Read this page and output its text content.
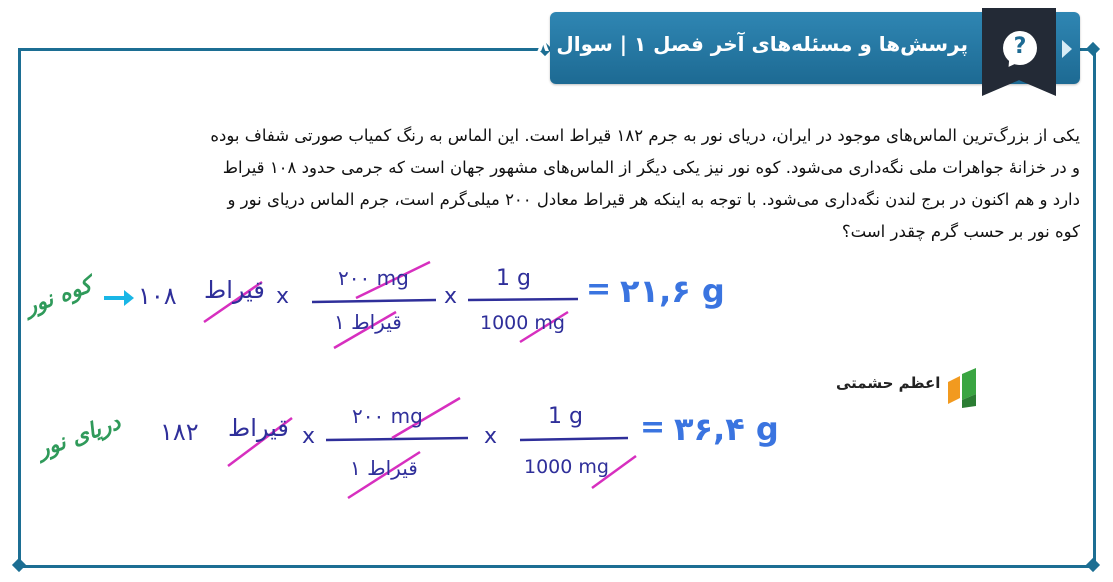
پرسش‌ها و مسئله‌های آخر فصل ۱ | سوال ۸	?
یکی از بزرگ‌ترین الماس‌های موجود در ایران، دریای نور به جرم ۱۸۲ قیراط است. این الماس به رنگ کمیاب صورتی شفاف بوده
و در خزانهٔ جواهرات ملی نگه‌داری می‌شود. کوه نور نیز یکی دیگر از الماس‌های مشهور جهان است که جرمی حدود ۱۰۸ قیراط
دارد و هم اکنون در برج لندن نگه‌داری می‌شود. با توجه به اینکه هر قیراط معادل ۲۰۰ میلی‌گرم است، جرم الماس دریای نور و
کوه نور بر حسب گرم چقدر است؟
اعظم حشمتی
کوه نور ۱۰۸ قیراط x
۲۰۰ mg
۱ قیراط
x
1 g
1000 mg
= ۲۱,۶ g
دریای نور ۱۸۲ قیراط x
۲۰۰ mg
۱ قیراط
x
1 g
1000 mg
= ۳۶,۴ g
